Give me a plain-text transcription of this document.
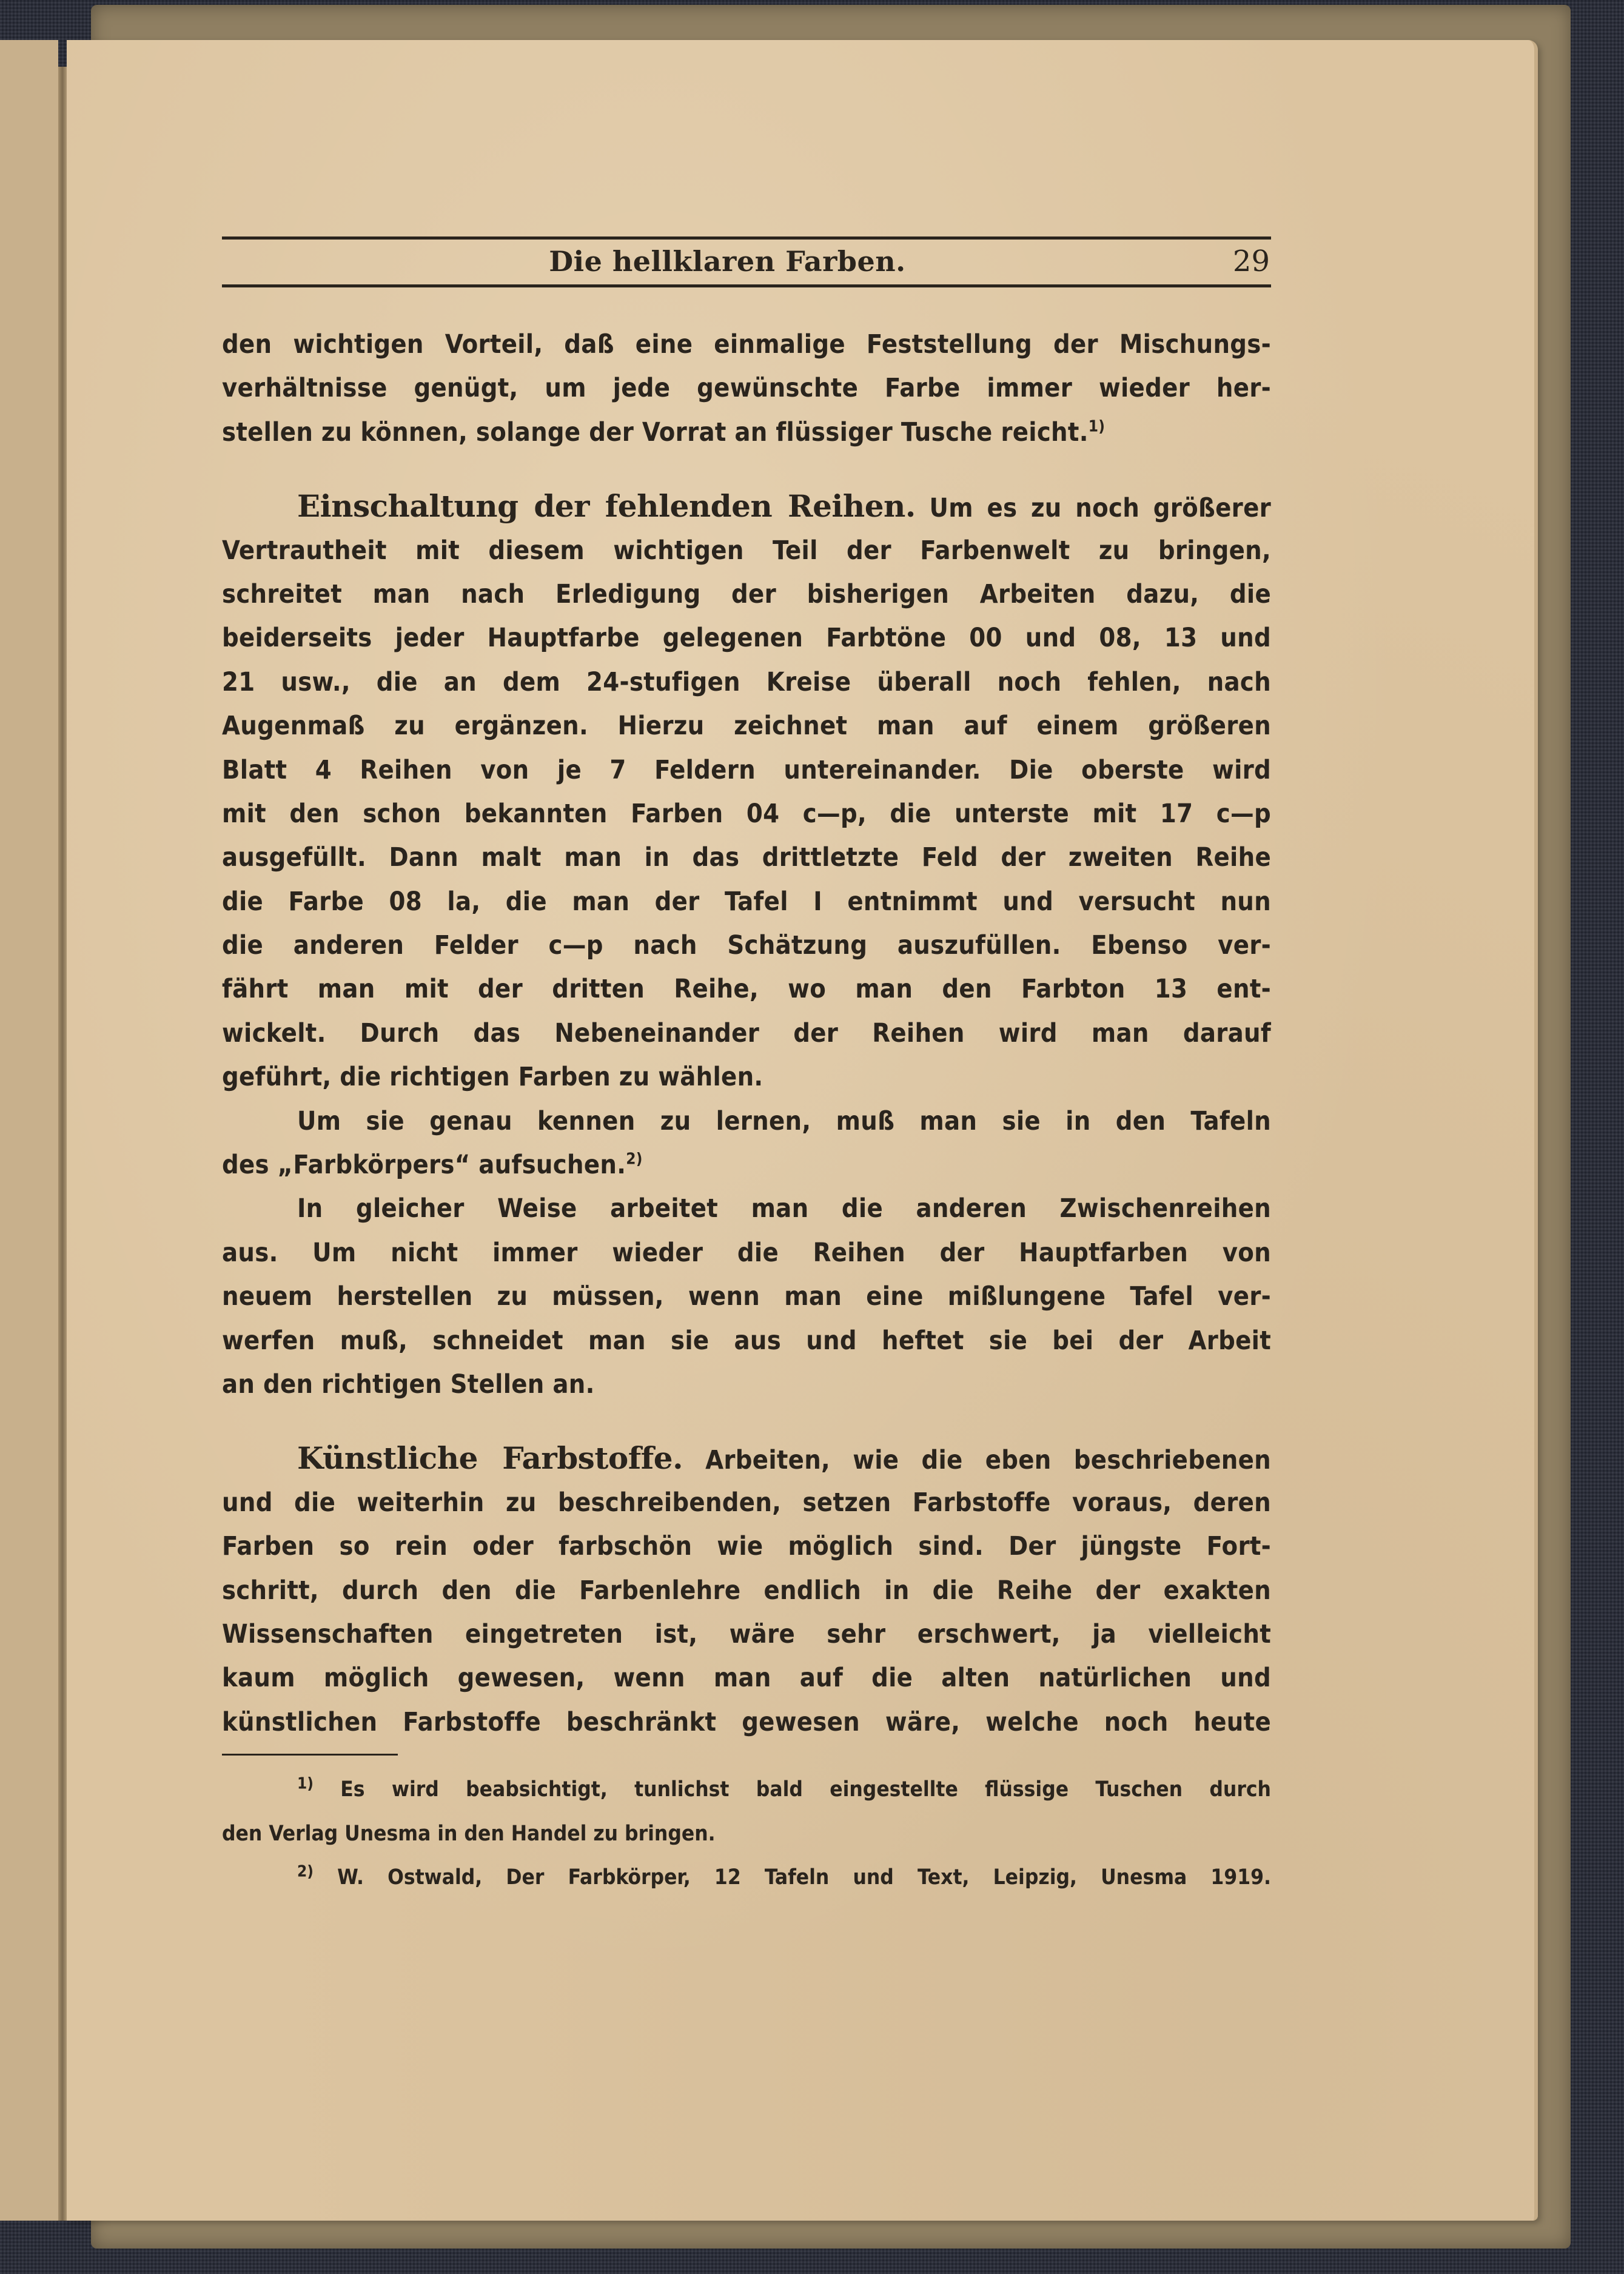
Die hellklaren Farben.	29
den wichtigen Vorteil, daß eine einmalige Feststellung der Mischungs-
verhältnisse genügt, um jede gewünschte Farbe immer wieder her-
stellen zu können, solange der Vorrat an flüssiger Tusche reicht.$^{1)}$
Einschaltung der fehlenden Reihen. Um es zu noch größerer
Vertrautheit mit diesem wichtigen Teil der Farbenwelt zu bringen,
schreitet man nach Erledigung der bisherigen Arbeiten dazu, die
beiderseits jeder Hauptfarbe gelegenen Farbtöne 00 und 08, 13 und
21 usw., die an dem 24-stufigen Kreise überall noch fehlen, nach
Augenmaß zu ergänzen. Hierzu zeichnet man auf einem größeren
Blatt 4 Reihen von je 7 Feldern untereinander. Die oberste wird
mit den schon bekannten Farben 04 c—p, die unterste mit 17 c—p
ausgefüllt. Dann malt man in das drittletzte Feld der zweiten Reihe
die Farbe 08 la, die man der Tafel I entnimmt und versucht nun
die anderen Felder c—p nach Schätzung auszufüllen. Ebenso ver-
fährt man mit der dritten Reihe, wo man den Farbton 13 ent-
wickelt. Durch das Nebeneinander der Reihen wird man darauf
geführt, die richtigen Farben zu wählen.
Um sie genau kennen zu lernen, muß man sie in den Tafeln
des „Farbkörpers“ aufsuchen.$^{2)}$
In gleicher Weise arbeitet man die anderen Zwischenreihen
aus. Um nicht immer wieder die Reihen der Hauptfarben von
neuem herstellen zu müssen, wenn man eine mißlungene Tafel ver-
werfen muß, schneidet man sie aus und heftet sie bei der Arbeit
an den richtigen Stellen an.
Künstliche Farbstoffe. Arbeiten, wie die eben beschriebenen
und die weiterhin zu beschreibenden, setzen Farbstoffe voraus, deren
Farben so rein oder farbschön wie möglich sind. Der jüngste Fort-
schritt, durch den die Farbenlehre endlich in die Reihe der exakten
Wissenschaften eingetreten ist, wäre sehr erschwert, ja vielleicht
kaum möglich gewesen, wenn man auf die alten natürlichen und
künstlichen Farbstoffe beschränkt gewesen wäre, welche noch heute
$^{1)}$ Es wird beabsichtigt, tunlichst bald eingestellte flüssige Tuschen durch
den Verlag Unesma in den Handel zu bringen.
$^{2)}$ W. Ostwald, Der Farbkörper, 12 Tafeln und Text, Leipzig, Unesma 1919.
